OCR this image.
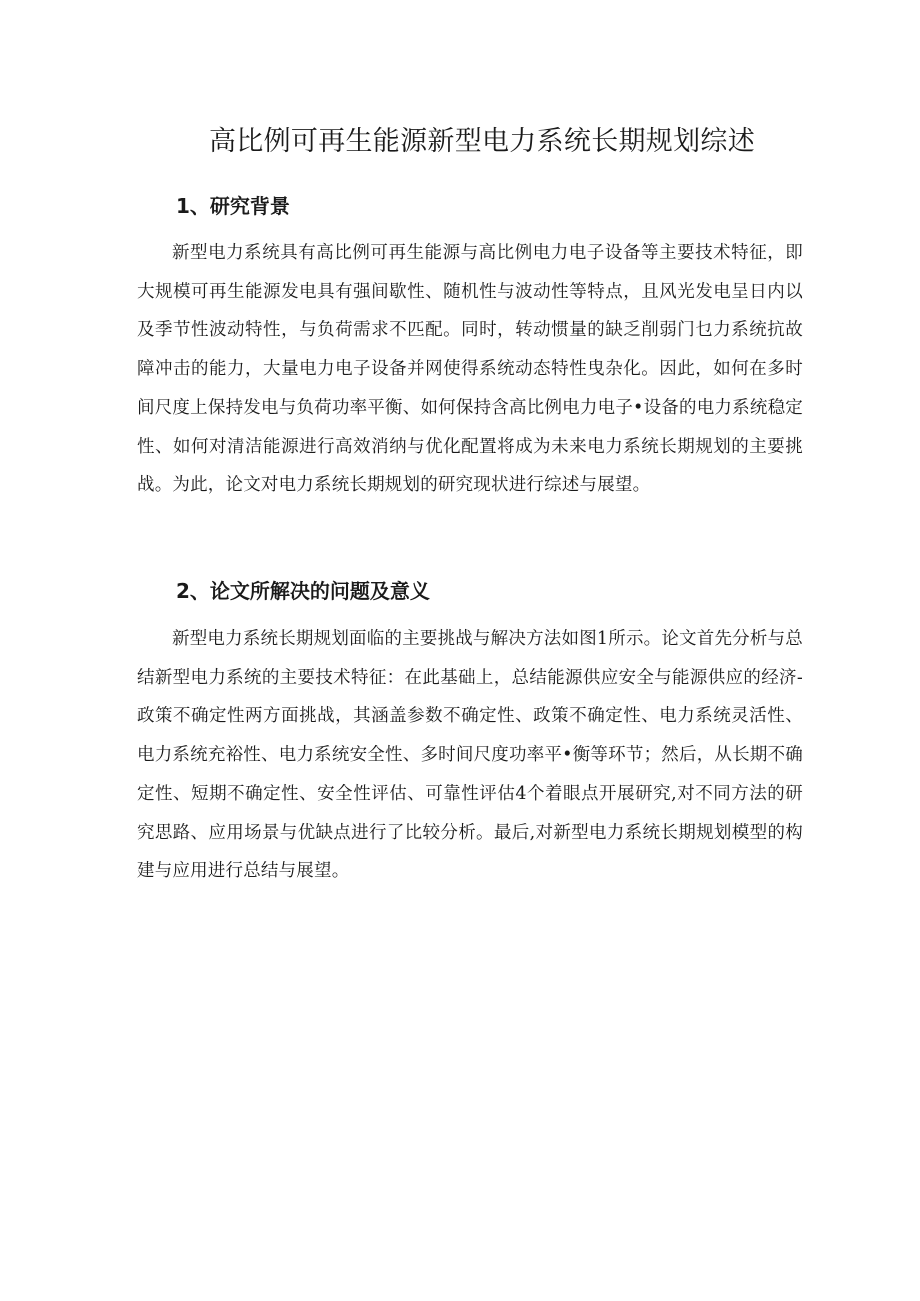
高比例可再生能源新型电力系统长期规划综述
1、研究背景

新型电力系统具有高比例可再生能源与高比例电力电子设备等主要技术特征，即大规模可再生能源发电具有强间歇性、随机性与波动性等特点，且风光发电呈日内以及季节性波动特性，与负荷需求不匹配。同时，转动惯量的缺乏削弱门乜力系统抗故障冲击的能力，大量电力电子设备并网使得系统动态特性曳杂化。因此，如何在多时间尺度上保持发电与负荷功率平衡、如何保持含高比例电力电子•设备的电力系统稳定性、如何对清洁能源进行高效消纳与优化配置将成为未来电力系统长期规划的主要挑战。为此，论文对电力系统长期规划的研究现状进行综述与展望。

2、论文所解决的问题及意义

新型电力系统长期规划面临的主要挑战与解决方法如图1所示。论文首先分析与总结新型电力系统的主要技术特征：在此基础上，总结能源供应安全与能源供应的经济-政策不确定性两方面挑战，其涵盖参数不确定性、政策不确定性、电力系统灵活性、电力系统充裕性、电力系统安全性、多时间尺度功率平•衡等环节；然后，从长期不确定性、短期不确定性、安全性评估、可靠性评估4个着眼点开展研究,对不同方法的研究思路、应用场景与优缺点进行了比较分析。最后,对新型电力系统长期规划模型的构建与应用进行总结与展望。
